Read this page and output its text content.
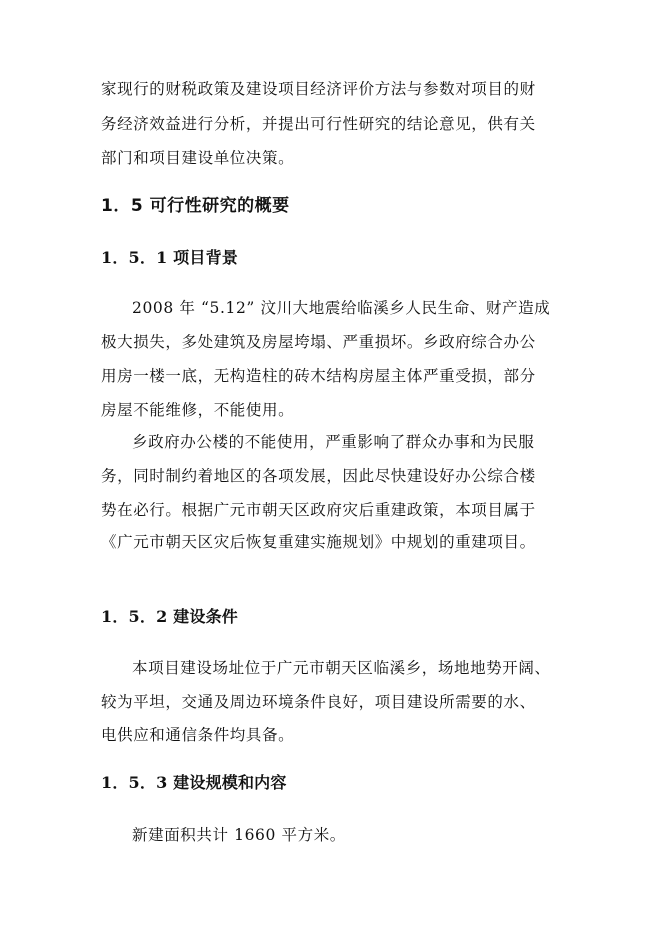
家现行的财税政策及建设项目经济评价方法与参数对项目的财
务经济效益进行分析，并提出可行性研究的结论意见，供有关
部门和项目建设单位决策。
1．5 可行性研究的概要
1．5．1 项目背景
2008 年 “5.12” 汶川大地震给临溪乡人民生命、财产造成
极大损失，多处建筑及房屋垮塌、严重损坏。乡政府综合办公
用房一楼一底，无构造柱的砖木结构房屋主体严重受损，部分
房屋不能维修，不能使用。
乡政府办公楼的不能使用，严重影响了群众办事和为民服
务，同时制约着地区的各项发展，因此尽快建设好办公综合楼
势在必行。根据广元市朝天区政府灾后重建政策，本项目属于
《广元市朝天区灾后恢复重建实施规划》中规划的重建项目。
1．5．2 建设条件
本项目建设场址位于广元市朝天区临溪乡，场地地势开阔、
较为平坦，交通及周边环境条件良好，项目建设所需要的水、
电供应和通信条件均具备。
1．5．3 建设规模和内容
新建面积共计 1660 平方米。
